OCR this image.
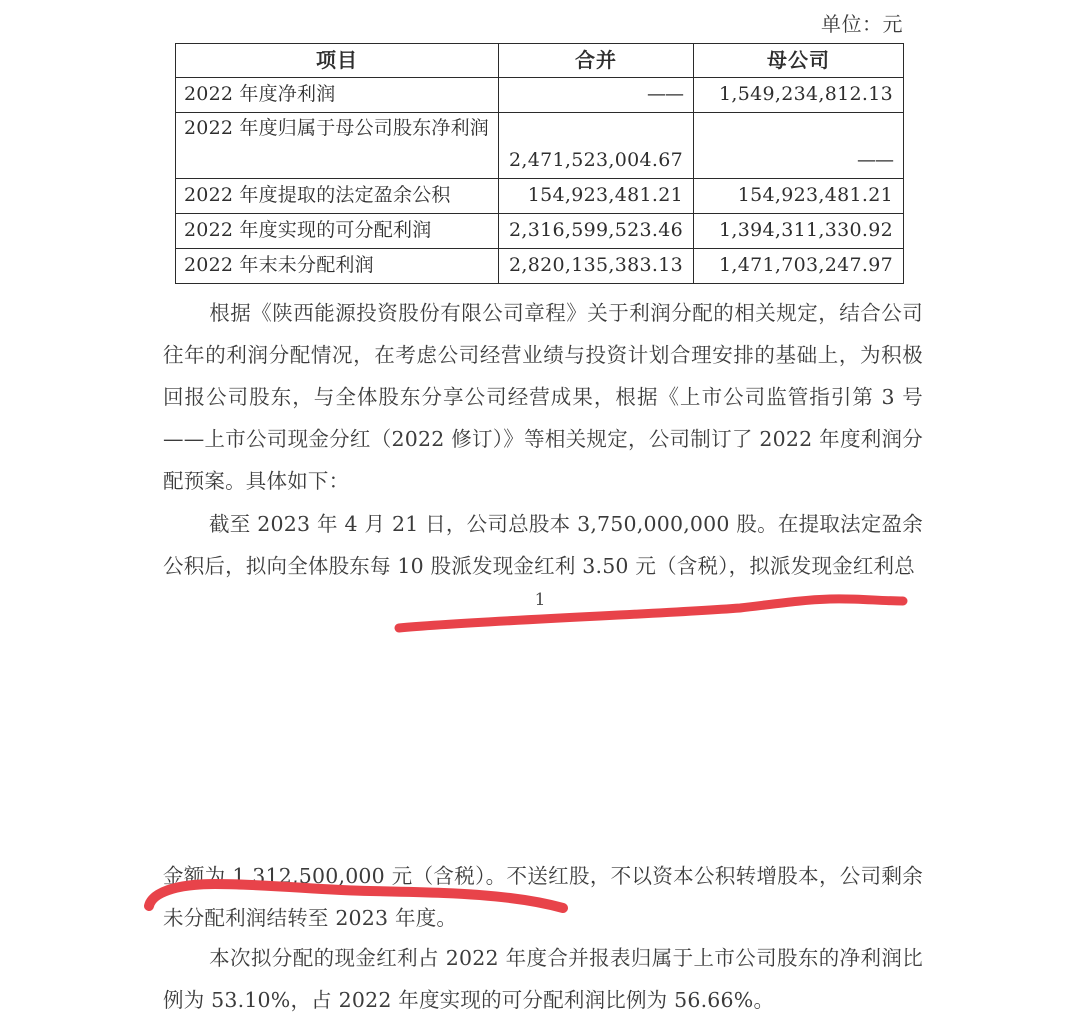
单位：元
项目	合并	母公司
2022 年度净利润	——	1,549,234,812.13
2022 年度归属于母公司股东净利润	2,471,523,004.67	——
2022 年度提取的法定盈余公积	154,923,481.21	154,923,481.21
2022 年度实现的可分配利润	2,316,599,523.46	1,394,311,330.92
2022 年末未分配利润	2,820,135,383.13	1,471,703,247.97
根据《陕西能源投资股份有限公司章程》关于利润分配的相关规定，结合公司往年的利润分配情况，在考虑公司经营业绩与投资计划合理安排的基础上，为积极回报公司股东，与全体股东分享公司经营成果，根据《上市公司监管指引第 3 号——上市公司现金分红（2022 修订）》等相关规定，公司制订了 2022 年度利润分配预案。具体如下：
截至 2023 年 4 月 21 日，公司总股本 3,750,000,000 股。在提取法定盈余公积后，拟向全体股东每 10 股派发现金红利 3.50 元（含税），拟派发现金红利总
金额为 1,312,500,000 元（含税）。不送红股，不以资本公积转增股本，公司剩余未分配利润结转至 2023 年度。
本次拟分配的现金红利占 2022 年度合并报表归属于上市公司股东的净利润比例为 53.10%，占 2022 年度实现的可分配利润比例为 56.66%。
1
